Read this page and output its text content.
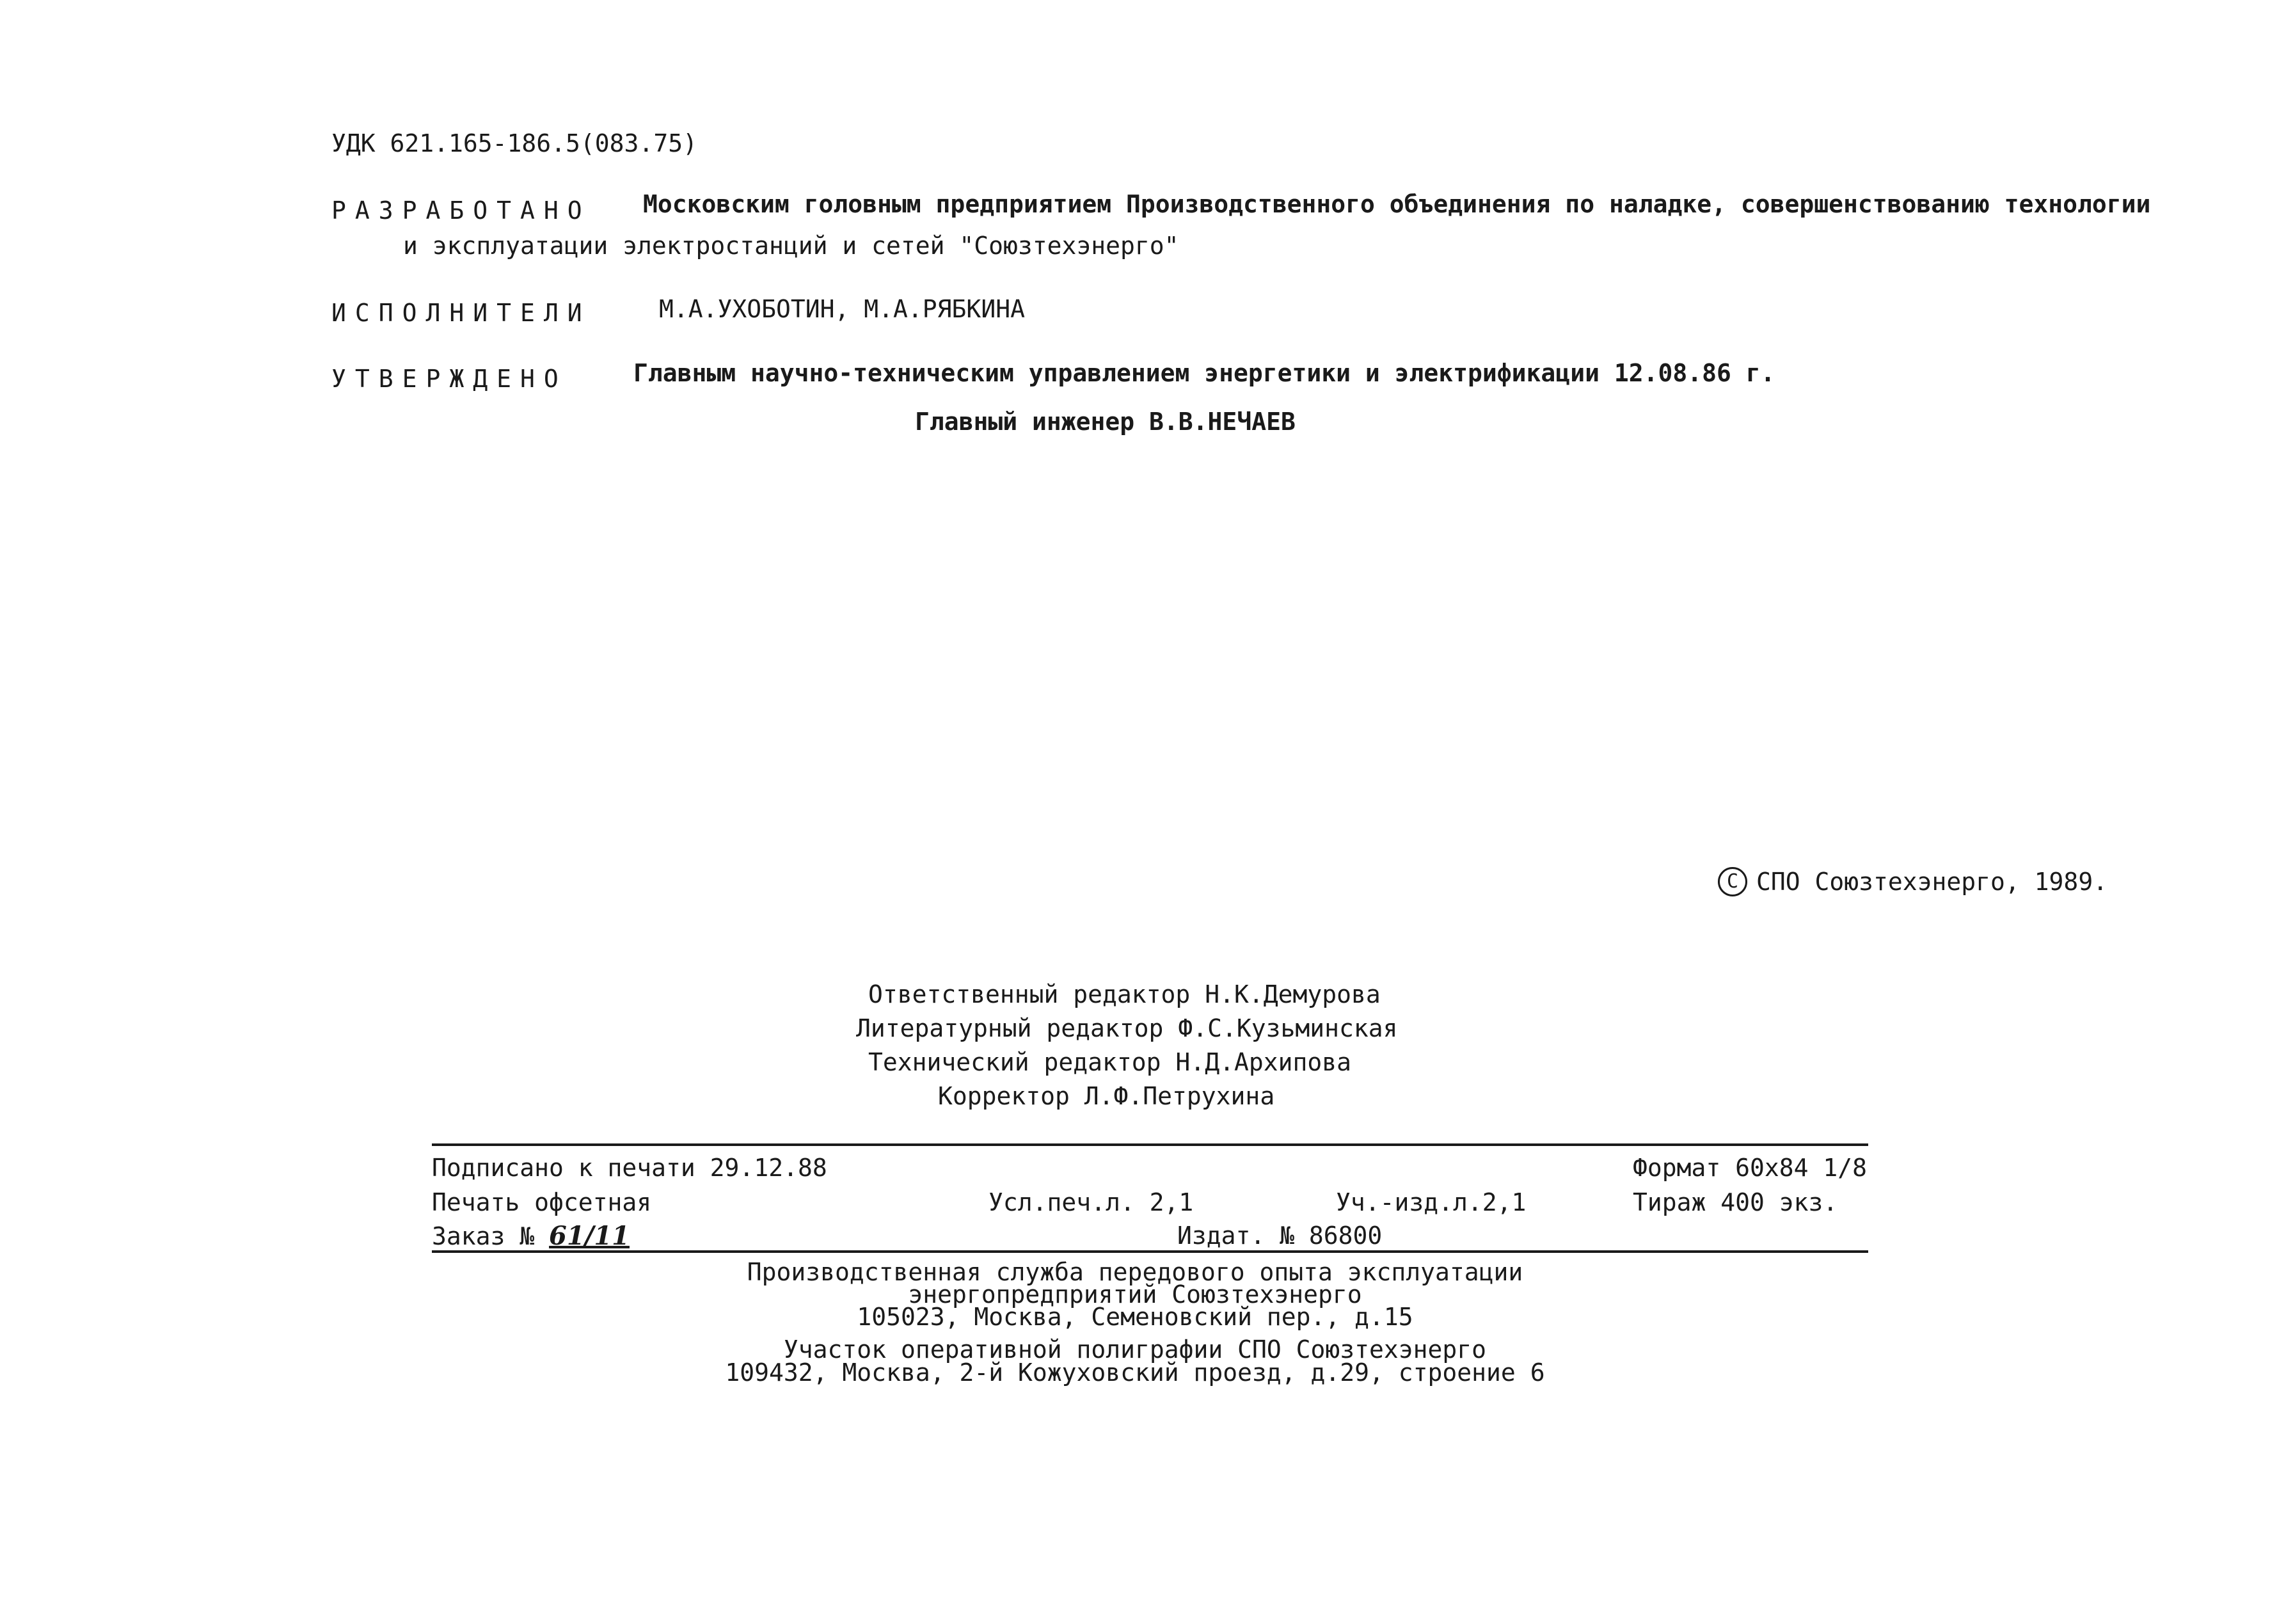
УДК 621.165-186.5(083.75)
РАЗРАБОТАНО Московским головным предприятием Производственного объединения по наладке, совершенствованию технологии
и эксплуатации электростанций и сетей "Союзтехэнерго"
ИСПОЛНИТЕЛИ	М.А.УХОБОТИН, М.А.РЯБКИНА
УТВЕРЖДЕНО	Главным научно-техническим управлением энергетики и электрификации 12.08.86 г.
Главный инженер В.В.НЕЧАЕВ
C СПО Союзтехэнерго, 1989.
Ответственный редактор Н.К.Демурова
Литературный редактор Ф.С.Кузьминская
Технический редактор Н.Д.Архипова
Корректор Л.Ф.Петрухина
Подписано к печати 29.12.88	Формат 60х84 1/8
Печать офсетная	Усл.печ.л. 2,1	Уч.-изд.л.2,1	Тираж 400 экз.
Заказ № 61/11	Издат. № 86800
Производственная служба передового опыта эксплуатации
энергопредприятий Союзтехэнерго
105023, Москва, Семеновский пер., д.15
Участок оперативной полиграфии СПО Союзтехэнерго
109432, Москва, 2-й Кожуховский проезд, д.29, строение 6
